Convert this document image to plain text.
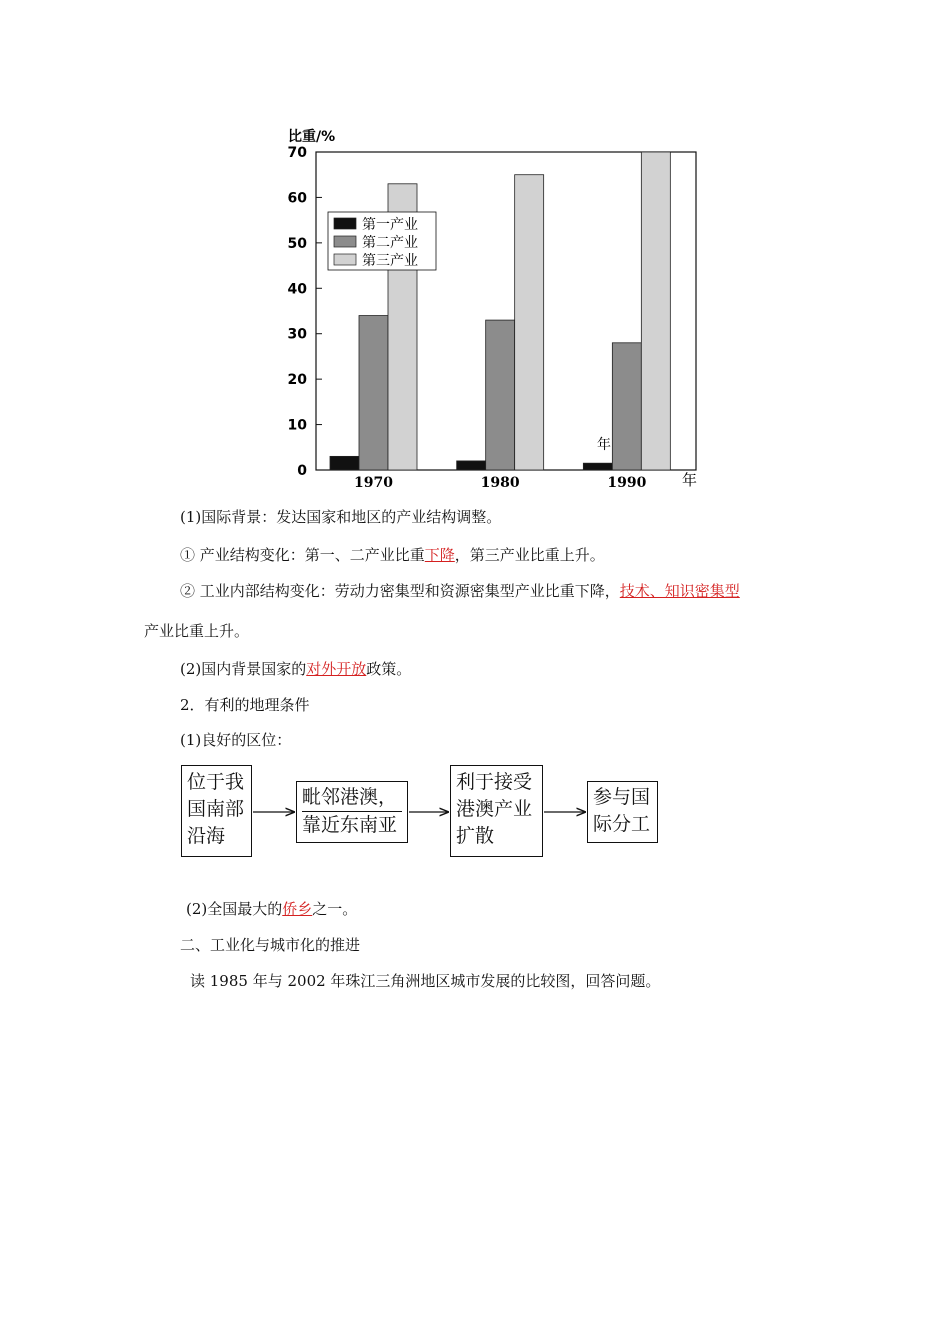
比重/%
0
10
20
30
40
50
60
70
1970	1980	1990
第一产业
第二产业
第三产业
年
年
(1)国际背景：发达国家和地区的产业结构调整。
① 产业结构变化：第一、二产业比重下降，第三产业比重上升。
② 工业内部结构变化：劳动力密集型和资源密集型产业比重下降，技术、知识密集型
产业比重上升。
(2)国内背景国家的对外开放政策。
2．有利的地理条件
(1)良好的区位：
位于我
国南部
沿海
毗邻港澳，
靠近东南亚
利于接受
港澳产业
扩散
参与国
际分工
(2)全国最大的侨乡之一。
二、工业化与城市化的推进
读 1985 年与 2002 年珠江三角洲地区城市发展的比较图，回答问题。
